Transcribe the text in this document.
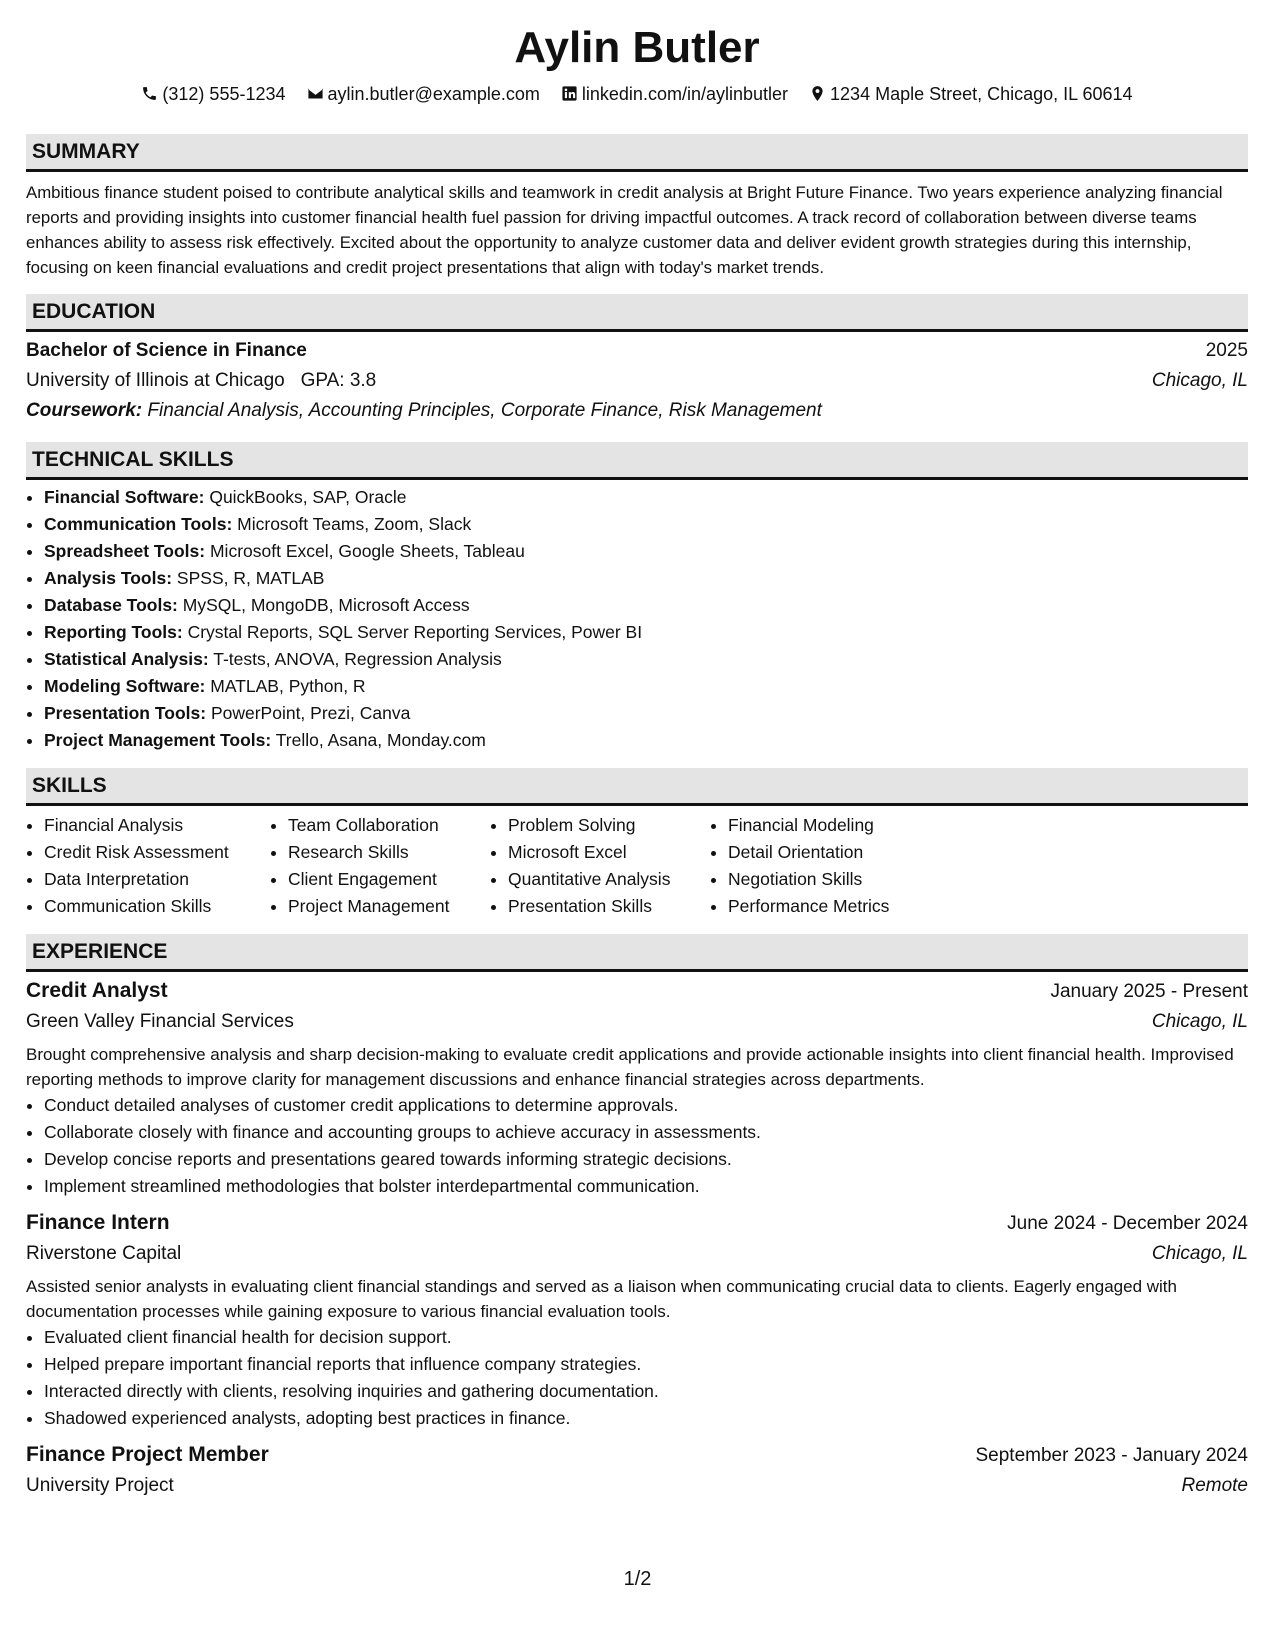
Aylin Butler
(312) 555-1234 aylin.butler@example.com linkedin.com/in/aylinbutler 1234 Maple Street, Chicago, IL 60614
SUMMARY
Ambitious finance student poised to contribute analytical skills and teamwork in credit analysis at Bright Future Finance. Two years experience analyzing financial reports and providing insights into customer financial health fuel passion for driving impactful outcomes. A track record of collaboration between diverse teams enhances ability to assess risk effectively. Excited about the opportunity to analyze customer data and deliver evident growth strategies during this internship, focusing on keen financial evaluations and credit project presentations that align with today's market trends.
EDUCATION
Bachelor of Science in Finance	2025
University of Illinois at Chicago GPA: 3.8	Chicago, IL
Coursework: Financial Analysis, Accounting Principles, Corporate Finance, Risk Management
TECHNICAL SKILLS
• Financial Software: QuickBooks, SAP, Oracle
• Communication Tools: Microsoft Teams, Zoom, Slack
• Spreadsheet Tools: Microsoft Excel, Google Sheets, Tableau
• Analysis Tools: SPSS, R, MATLAB
• Database Tools: MySQL, MongoDB, Microsoft Access
• Reporting Tools: Crystal Reports, SQL Server Reporting Services, Power BI
• Statistical Analysis: T-tests, ANOVA, Regression Analysis
• Modeling Software: MATLAB, Python, R
• Presentation Tools: PowerPoint, Prezi, Canva
• Project Management Tools: Trello, Asana, Monday.com
SKILLS
• Financial Analysis
• Credit Risk Assessment
• Data Interpretation
• Communication Skills
• Team Collaboration
• Research Skills
• Client Engagement
• Project Management
• Problem Solving
• Microsoft Excel
• Quantitative Analysis
• Presentation Skills
• Financial Modeling
• Detail Orientation
• Negotiation Skills
• Performance Metrics
EXPERIENCE
Credit Analyst	January 2025 - Present
Green Valley Financial Services	Chicago, IL
Brought comprehensive analysis and sharp decision-making to evaluate credit applications and provide actionable insights into client financial health. Improvised reporting methods to improve clarity for management discussions and enhance financial strategies across departments.
• Conduct detailed analyses of customer credit applications to determine approvals.
• Collaborate closely with finance and accounting groups to achieve accuracy in assessments.
• Develop concise reports and presentations geared towards informing strategic decisions.
• Implement streamlined methodologies that bolster interdepartmental communication.
Finance Intern	June 2024 - December 2024
Riverstone Capital	Chicago, IL
Assisted senior analysts in evaluating client financial standings and served as a liaison when communicating crucial data to clients. Eagerly engaged with documentation processes while gaining exposure to various financial evaluation tools.
• Evaluated client financial health for decision support.
• Helped prepare important financial reports that influence company strategies.
• Interacted directly with clients, resolving inquiries and gathering documentation.
• Shadowed experienced analysts, adopting best practices in finance.
Finance Project Member	September 2023 - January 2024
University Project	Remote
1/2
